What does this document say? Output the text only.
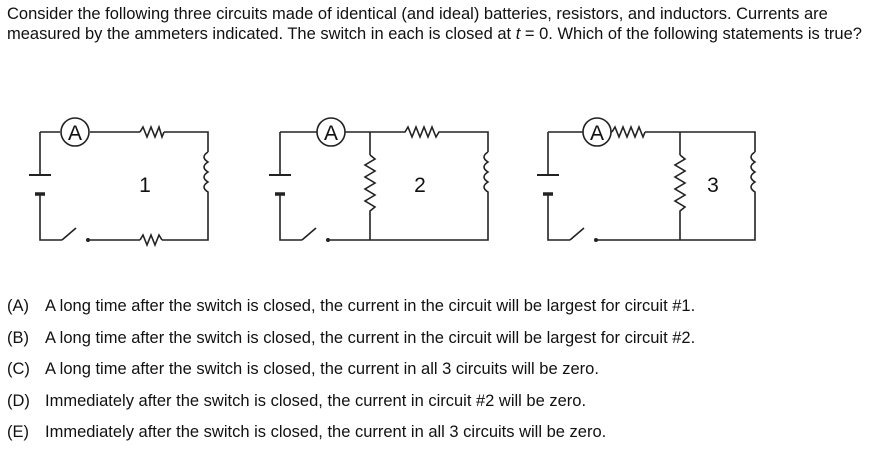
Consider the following three circuits made of identical (and ideal) batteries, resistors, and inductors. Currents are measured by the ammeters indicated. The switch in each is closed at t = 0. Which of the following statements is true?

A
1
A
2
A
3
(A) A long time after the switch is closed, the current in the circuit will be largest for circuit #1.
(B) A long time after the switch is closed, the current in the circuit will be largest for circuit #2.
(C) A long time after the switch is closed, the current in all 3 circuits will be zero.
(D) Immediately after the switch is closed, the current in circuit #2 will be zero.
(E) Immediately after the switch is closed, the current in all 3 circuits will be zero.
